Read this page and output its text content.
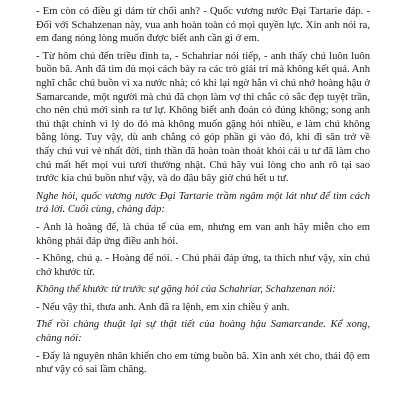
- Em còn có điều gì dám từ chối anh? - Quốc vương nước Đại Tartarie đáp. - Đối với Schahzenan này, vua anh hoàn toàn có mọi quyền lực. Xin anh nói ra, em đang nóng lòng muốn được biết anh cần gì ở em.

- Từ hôm chú đến triều đình ta, - Schahriar nói tiếp, - anh thấy chú luôn luôn buồn bã. Anh đã tìm đủ mọi cách bày ra các trò giải trí mà không kết quả. Anh nghĩ chắc chú buồn vì xa nước nhà; có khi lại ngờ hẳn vì chú nhớ hoàng hậu ở Samarcande, một người mà chú đã chọn làm vợ thì chắc có sắc đẹp tuyệt trần, cho nên chú mới sinh ra tư lự. Không biết anh đoán có đúng không; song anh thú thật chính vì lý do đó mà không muốn gặng hỏi nhiều, e làm chú không bằng lòng. Tuy vậy, dù anh chẳng có góp phần gì vào đó, khi đi săn trở về thấy chú vui vẻ nhất đời, tinh thần đã hoàn toàn thoát khỏi cái u tư đã làm cho chú mất hết mọi vui tươi thường nhật. Chú hãy vui lòng cho anh rõ tại sao trước kia chú buồn như vậy, và do đâu bây giờ chú hết u tư.

Nghe hỏi, quốc vương nước Đại Tartarie trầm ngâm một lát như để tìm cách trả lời. Cuối cùng, chàng đáp:

- Anh là hoàng đế, là chúa tể của em, nhưng em van anh hãy miễn cho em không phải đáp ứng điều anh hỏi.

- Không, chú ạ. - Hoàng đế nói. - Chú phải đáp ứng, ta thích như vậy, xin chú chớ khước từ.

Không thể khước từ trước sự gặng hỏi của Schahriar, Schahzenan nói:

- Nếu vậy thì, thưa anh. Anh đã ra lệnh, em xin chiều ý anh.

Thế rồi chàng thuật lại sự thật tiết của hoàng hậu Samarcande. Kể xong, chàng nói:

- Đấy là nguyên nhân khiến cho em từng buồn bã. Xin anh xét cho, thái độ em như vậy có sai lầm chăng.
